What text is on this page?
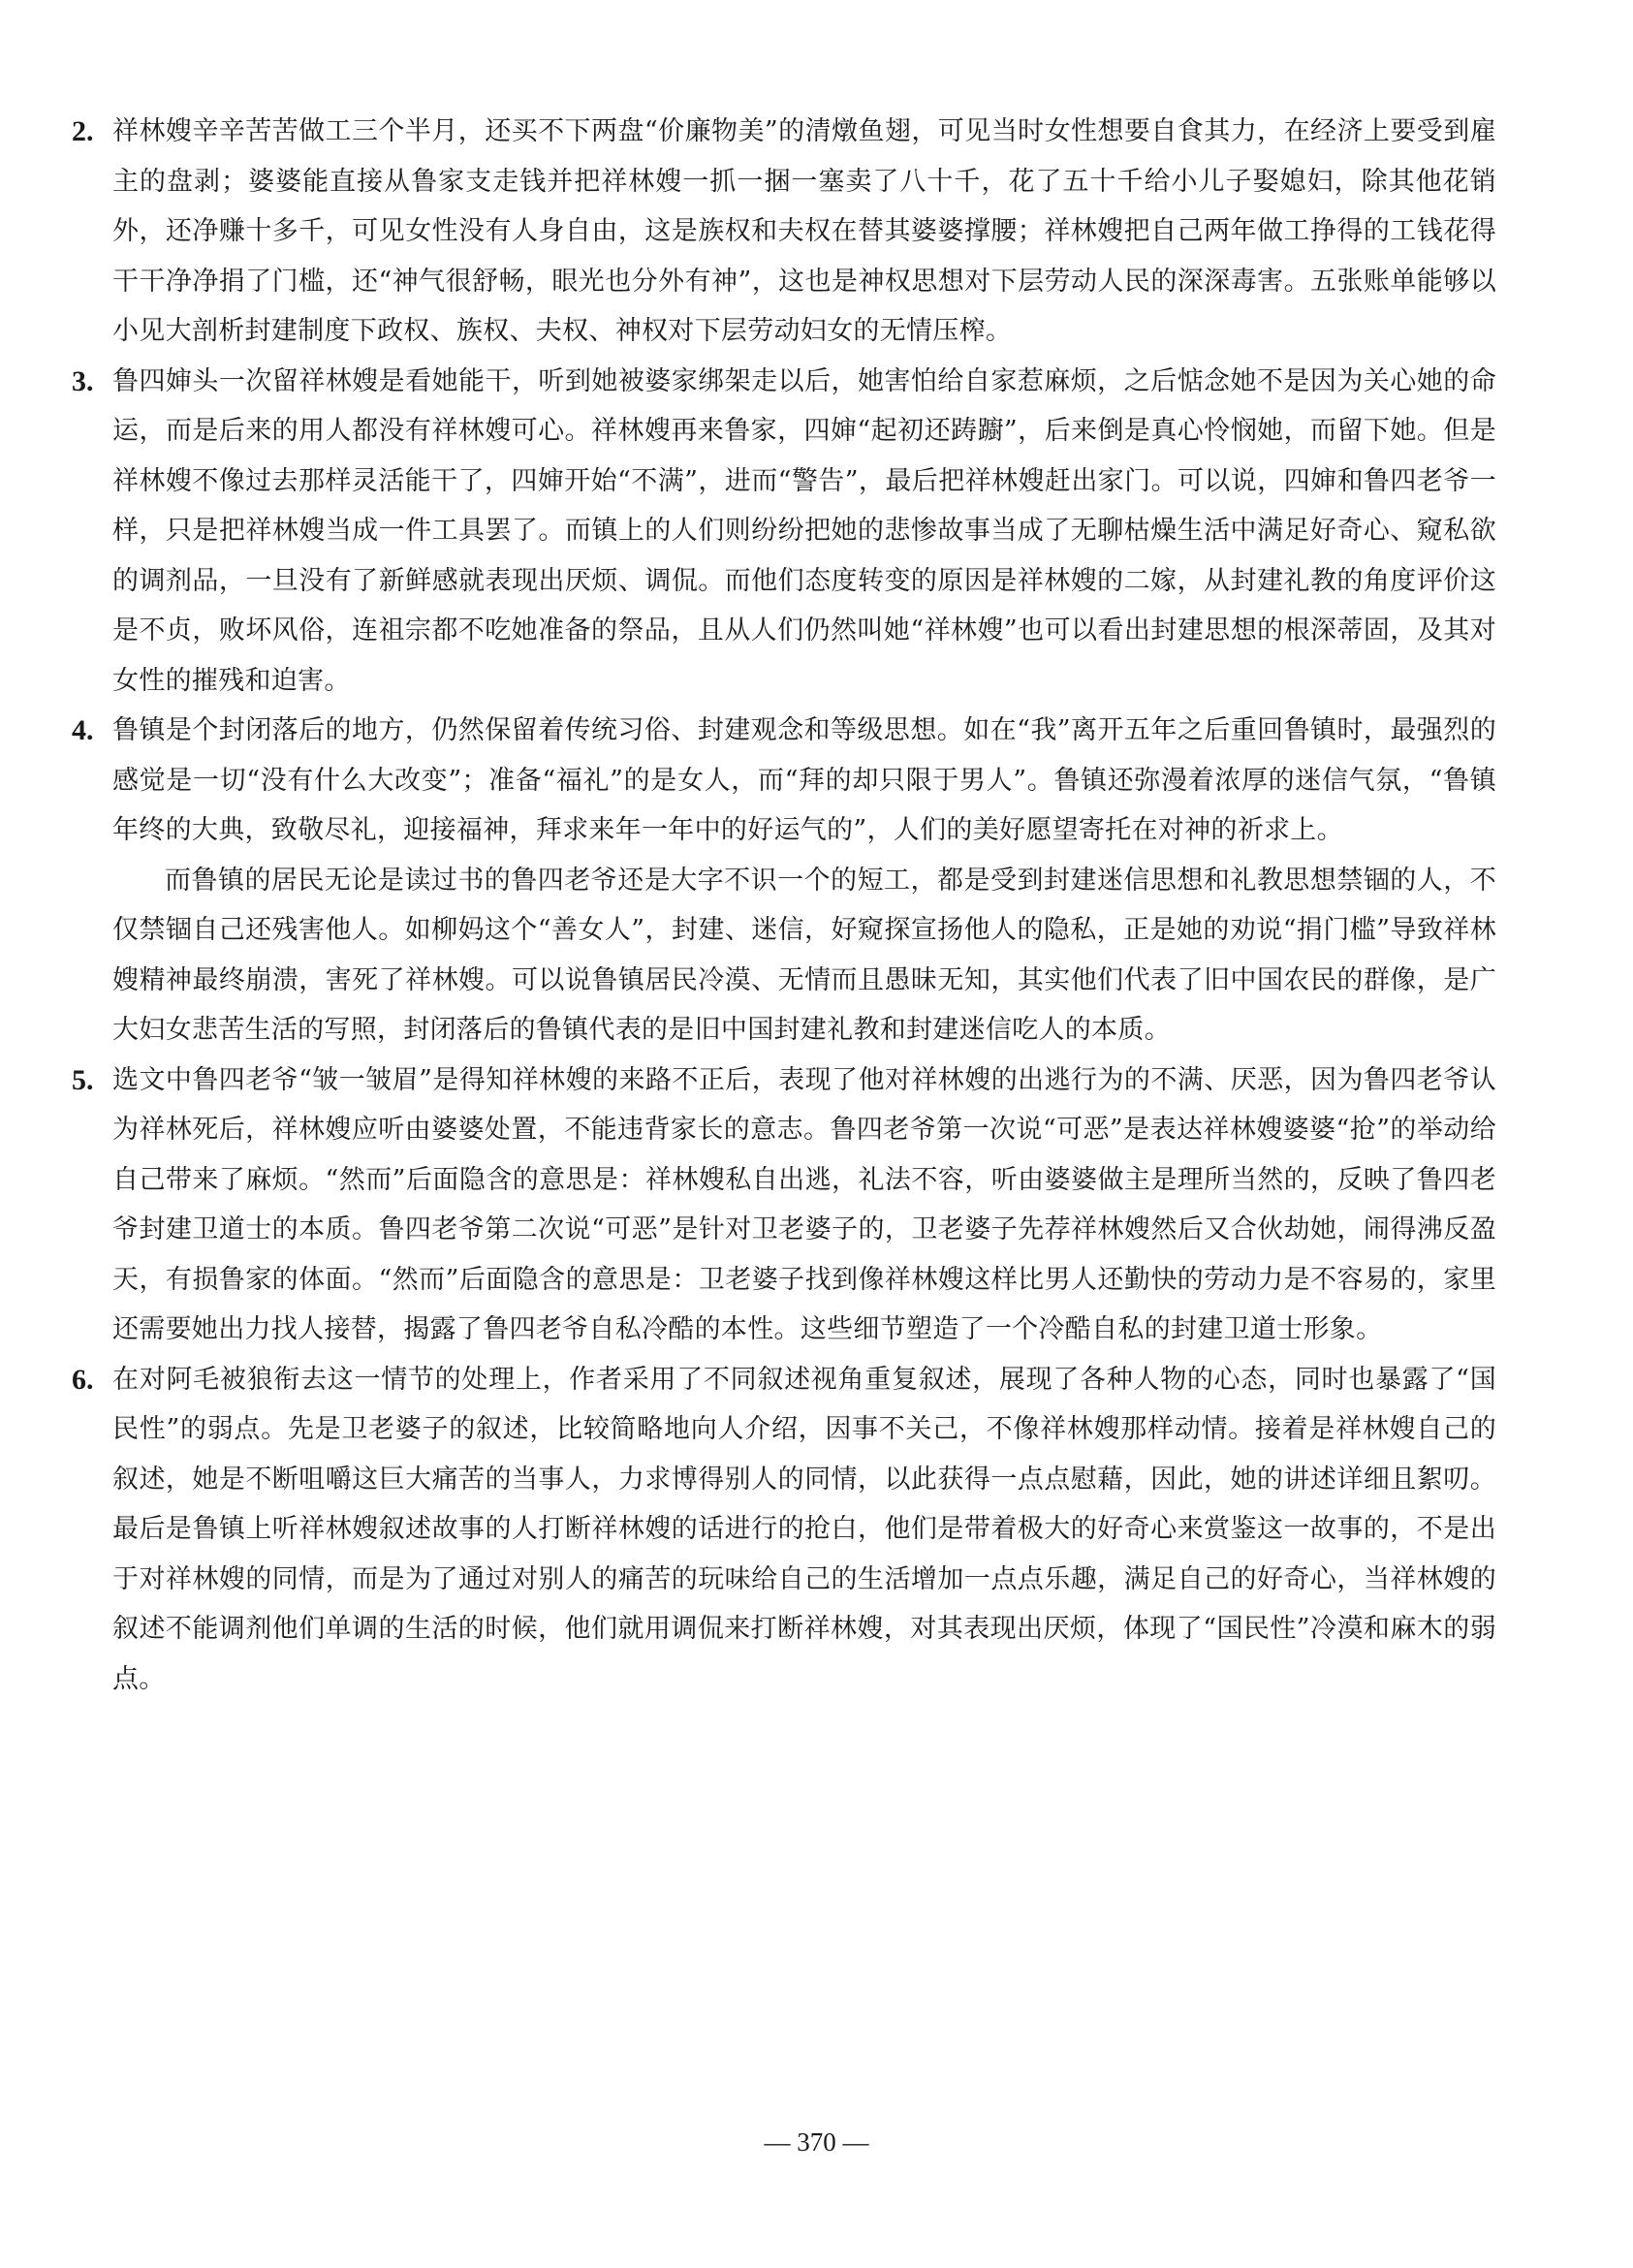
2. 祥林嫂辛辛苦苦做工三个半月，还买不下两盘“价廉物美”的清燉鱼翅，可见当时女性想要自食其力，在经济上要受到雇主的盘剥；婆婆能直接从鲁家支走钱并把祥林嫂一抓一捆一塞卖了八十千，花了五十千给小儿子娶媳妇，除其他花销外，还净赚十多千，可见女性没有人身自由，这是族权和夫权在替其婆婆撑腰；祥林嫂把自己两年做工挣得的工钱花得干干净净捐了门槛，还“神气很舒畅，眼光也分外有神”，这也是神权思想对下层劳动人民的深深毒害。五张账单能够以小见大剖析封建制度下政权、族权、夫权、神权对下层劳动妇女的无情压榨。

3. 鲁四婶头一次留祥林嫂是看她能干，听到她被婆家绑架走以后，她害怕给自家惹麻烦，之后惦念她不是因为关心她的命运，而是后来的用人都没有祥林嫂可心。祥林嫂再来鲁家，四婶“起初还踌躕”，后来倒是真心怜悯她，而留下她。但是祥林嫂不像过去那样灵活能干了，四婶开始“不满”，进而“警告”，最后把祥林嫂赶出家门。可以说，四婶和鲁四老爷一样，只是把祥林嫂当成一件工具罢了。而镇上的人们则纷纷把她的悲惨故事当成了无聊枯燥生活中满足好奇心、窥私欲的调剂品，一旦没有了新鲜感就表现出厌烦、调侃。而他们态度转变的原因是祥林嫂的二嫁，从封建礼教的角度评价这是不贞，败坏风俗，连祖宗都不吃她准备的祭品，且从人们仍然叫她“祥林嫂”也可以看出封建思想的根深蒂固，及其对女性的摧残和迫害。

4. 鲁镇是个封闭落后的地方，仍然保留着传统习俗、封建观念和等级思想。如在“我”离开五年之后重回鲁镇时，最强烈的感觉是一切“没有什么大改变”；准备“福礼”的是女人，而“拜的却只限于男人”。鲁镇还弥漫着浓厚的迷信气氛，“鲁镇年终的大典，致敬尽礼，迎接福神，拜求来年一年中的好运气的”，人们的美好愿望寄托在对神的祈求上。

而鲁镇的居民无论是读过书的鲁四老爷还是大字不识一个的短工，都是受到封建迷信思想和礼教思想禁锢的人，不仅禁锢自己还残害他人。如柳妈这个“善女人”，封建、迷信，好窥探宣扬他人的隐私，正是她的劝说“捐门槛”导致祥林嫂精神最终崩溃，害死了祥林嫂。可以说鲁镇居民冷漠、无情而且愚昧无知，其实他们代表了旧中国农民的群像，是广大妇女悲苦生活的写照，封闭落后的鲁镇代表的是旧中国封建礼教和封建迷信吃人的本质。

5. 选文中鲁四老爷“皱一皱眉”是得知祥林嫂的来路不正后，表现了他对祥林嫂的出逃行为的不满、厌恶，因为鲁四老爷认为祥林死后，祥林嫂应听由婆婆处置，不能违背家长的意志。鲁四老爷第一次说“可恶”是表达祥林嫂婆婆“抢”的举动给自己带来了麻烦。“然而”后面隐含的意思是：祥林嫂私自出逃，礼法不容，听由婆婆做主是理所当然的，反映了鲁四老爷封建卫道士的本质。鲁四老爷第二次说“可恶”是针对卫老婆子的，卫老婆子先荐祥林嫂然后又合伙劫她，闹得沸反盈天，有损鲁家的体面。“然而”后面隐含的意思是：卫老婆子找到像祥林嫂这样比男人还勤快的劳动力是不容易的，家里还需要她出力找人接替，揭露了鲁四老爷自私冷酷的本性。这些细节塑造了一个冷酷自私的封建卫道士形象。

6. 在对阿毛被狼衔去这一情节的处理上，作者采用了不同叙述视角重复叙述，展现了各种人物的心态，同时也暴露了“国民性”的弱点。先是卫老婆子的叙述，比较简略地向人介绍，因事不关己，不像祥林嫂那样动情。接着是祥林嫂自己的叙述，她是不断咀嚼这巨大痛苦的当事人，力求博得别人的同情，以此获得一点点慰藉，因此，她的讲述详细且絮叨。最后是鲁镇上听祥林嫂叙述故事的人打断祥林嫂的话进行的抢白，他们是带着极大的好奇心来赏鉴这一故事的，不是出于对祥林嫂的同情，而是为了通过对别人的痛苦的玩味给自己的生活增加一点点乐趣，满足自己的好奇心，当祥林嫂的叙述不能调剂他们单调的生活的时候，他们就用调侃来打断祥林嫂，对其表现出厌烦，体现了“国民性”冷漠和麻木的弱点。

— 370 —
